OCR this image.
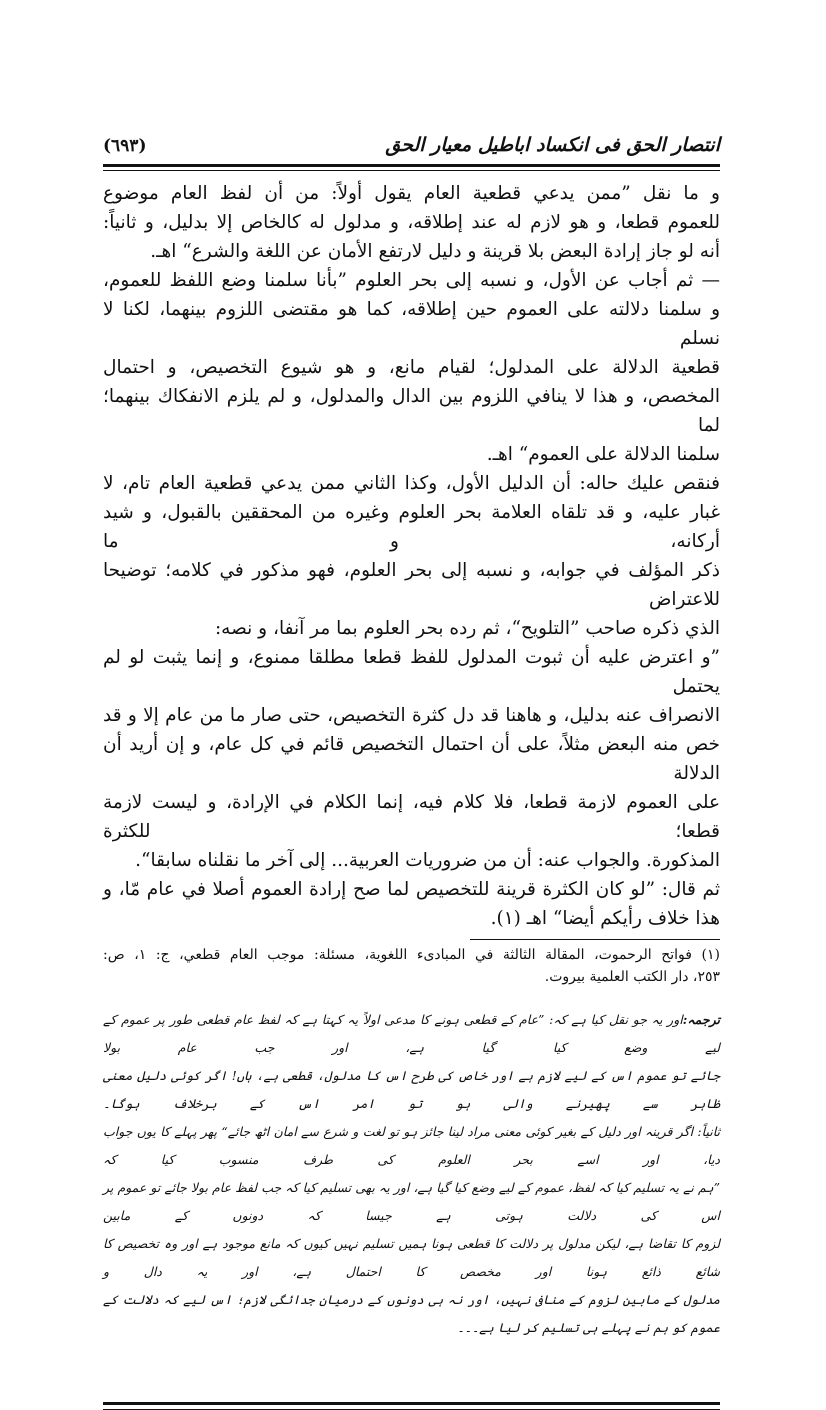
انتصار الحق فی انکساد اباطیل معیار الحق
(٦٩٣)
و ما نقل ”ممن يدعي قطعية العام يقول أولاً: من أن لفظ العام موضوع
للعموم قطعا، و هو لازم له عند إطلاقه، و مدلول له كالخاص إلا بدليل، و ثانياً:
أنه لو جاز إرادة البعض بلا قرينة و دليل لارتفع الأمان عن اللغة والشرع“ اهـ.
— ثم أجاب عن الأول، و نسبه إلى بحر العلوم ”بأنا سلمنا وضع اللفظ للعموم،
و سلمنا دلالته على العموم حين إطلاقه، كما هو مقتضى اللزوم بينهما، لكنا لا نسلم
قطعية الدلالة على المدلول؛ لقيام مانع، و هو شيوع التخصيص، و احتمال
المخصص، و هذا لا ينافي اللزوم بين الدال والمدلول، و لم يلزم الانفكاك بينهما؛ لما
سلمنا الدلالة على العموم“ اهـ.
فنقص عليك حاله: أن الدليل الأول، وكذا الثاني ممن يدعي قطعية العام تام، لا
غبار عليه، و قد تلقاه العلامة بحر العلوم وغيره من المحققين بالقبول، و شيد أركانه، و ما
ذكر المؤلف في جوابه، و نسبه إلى بحر العلوم، فهو مذكور في كلامه؛ توضيحا للاعتراض
الذي ذكره صاحب ”التلويح“، ثم رده بحر العلوم بما مر آنفا، و نصه:
”و اعترض عليه أن ثبوت المدلول للفظ قطعا مطلقا ممنوع، و إنما يثبت لو لم يحتمل
الانصراف عنه بدليل، و هاهنا قد دل كثرة التخصيص، حتى صار ما من عام إلا و قد
خص منه البعض مثلاً، على أن احتمال التخصيص قائم في كل عام، و إن أريد أن الدلالة
على العموم لازمة قطعا، فلا كلام فيه، إنما الكلام في الإرادة، و ليست لازمة قطعا؛ للكثرة
المذكورة. والجواب عنه: أن من ضروريات العربية... إلى آخر ما نقلناه سابقا“.
ثم قال: ”لو كان الكثرة قرينة للتخصيص لما صح إرادة العموم أصلا في عام مّا، و
هذا خلاف رأيكم أيضا“ اهـ (١).
(١) فواتح الرحموت، المقالة الثالثة في المبادىء اللغوية، مسئلة: موجب العام قطعي، ج: ١، ص:
٢٥٣، دار الكتب العلمية بيروت.
ترجمہ:اور یہ جو نقل کیا ہے کہ: ”عام کے قطعی ہونے کا مدعی اولاً یہ کہتا ہے کہ لفظ عام قطعی طور پر عموم کے لیے وضع کیا گیا ہے، اور جب عام بولا
جائے تو عموم اس کے لیے لازم ہے اور خاص کی طرح اس کا مدلول، قطعی ہے، ہاں! اگر کوئی دلیل معنی ظاہر سے پھیرنے والی ہو تو امر اس کے برخلاف ہوگا۔
ثانیاً: اگر قرینہ اور دلیل کے بغیر کوئی معنی مراد لینا جائز ہو تو لغت و شرع سے امان اٹھ جائے“ پھر پہلے کا یوں جواب دیا، اور اسے بحر العلوم کی طرف منسوب کیا کہ
”ہم نے یہ تسلیم کیا کہ لفظ، عموم کے لیے وضع کیا گیا ہے، اور یہ بھی تسلیم کیا کہ جب لفظ عام بولا جائے تو عموم پر اس کی دلالت ہوتی ہے جیسا کہ دونوں کے مابین
لزوم کا تقاضا ہے، لیکن مدلول پر دلالت کا قطعی ہونا ہمیں تسلیم نہیں کیوں کہ مانع موجود ہے اور وہ تخصیص کا شائع ذائع ہونا اور مخصص کا احتمال ہے، اور یہ دال و
مدلول کے مابین لزوم کے منافی نہیں، اور نہ ہی دونوں کے درمیان جدائگی لازم؛ اس لیے کہ دلالت کے عموم کو ہم نے پہلے ہی تسلیم کر لیا ہے۔۔۔
